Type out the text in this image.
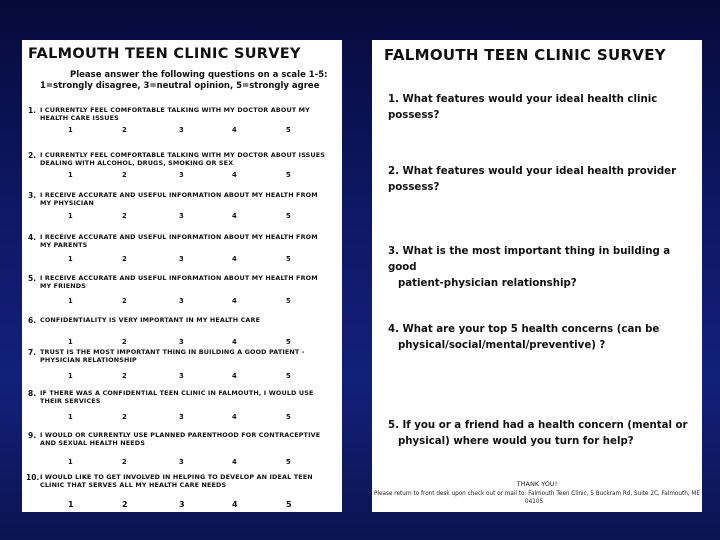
FALMOUTH TEEN CLINIC SURVEY
Please answer the following questions on a scale 1-5:
1=strongly disagree, 3=neutral opinion, 5=strongly agree
1. I CURRENTLY FEEL COMFORTABLE TALKING WITH MY DOCTOR ABOUT MY
HEALTH CARE ISSUES
1	2	3	4	5
2. I CURRENTLY FEEL COMFORTABLE TALKING WITH MY DOCTOR ABOUT ISSUES
DEALING WITH ALCOHOL, DRUGS, SMOKING OR SEX
1	2	3	4	5
3. I RECEIVE ACCURATE AND USEFUL INFORMATION ABOUT MY HEALTH FROM
MY PHYSICIAN
1	2	3	4	5
4. I RECEIVE ACCURATE AND USEFUL INFORMATION ABOUT MY HEALTH FROM
MY PARENTS
1	2	3	4	5
5. I RECEIVE ACCURATE AND USEFUL INFORMATION ABOUT MY HEALTH FROM
MY FRIENDS
1	2	3	4	5
6. CONFIDENTIALITY IS VERY IMPORTANT IN MY HEALTH CARE
1	2	3	4	5
7. TRUST IS THE MOST IMPORTANT THING IN BUILDING A GOOD PATIENT -
PHYSICIAN RELATIONSHIP
1	2	3	4	5
8. IF THERE WAS A CONFIDENTIAL TEEN CLINIC IN FALMOUTH, I WOULD USE
THEIR SERVICES
1	2	3	4	5
9. I WOULD OR CURRENTLY USE PLANNED PARENTHOOD FOR CONTRACEPTIVE
AND SEXUAL HEALTH NEEDS
1	2	3	4	5
10. I WOULD LIKE TO GET INVOLVED IN HELPING TO DEVELOP AN IDEAL TEEN
CLINIC THAT SERVES ALL MY HEALTH CARE NEEDS
1	2	3	4	5
FALMOUTH TEEN CLINIC SURVEY
1. What features would your ideal health clinic possess?
2. What features would your ideal health provider possess?
3. What is the most important thing in building a good
patient-physician relationship?
4. What are your top 5 health concerns (can be
physical/social/mental/preventive) ?
5. If you or a friend had a health concern (mental or
physical) where would you turn for help?
THANK YOU!
Please return to front desk upon check out or mail to: Falmouth Teen Clinic, 5 Buckram Rd, Suite 2C, Falmouth, ME
04105
